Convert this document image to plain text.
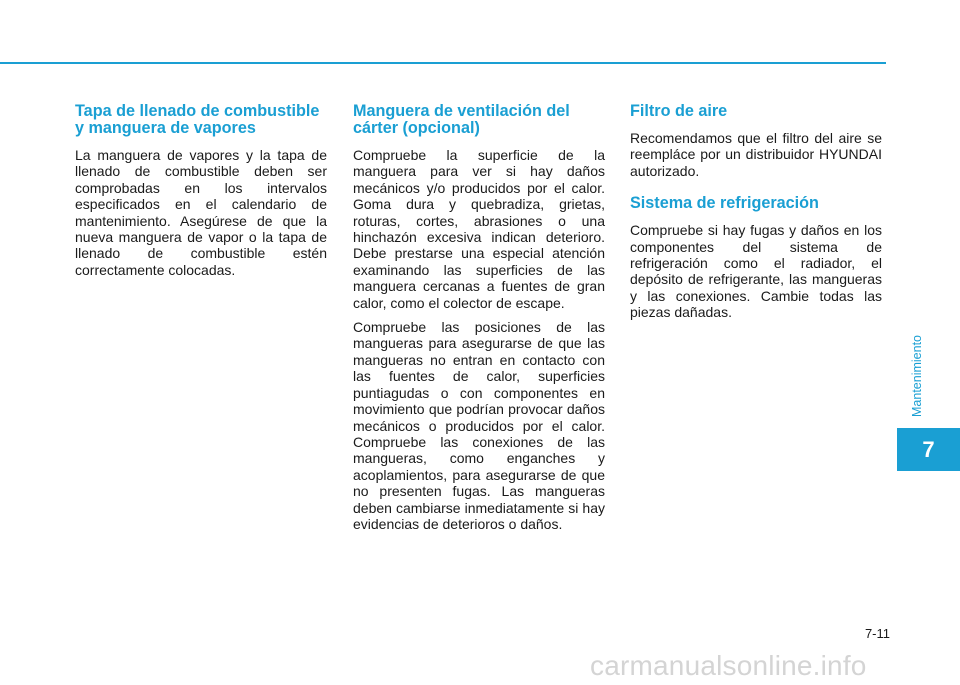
Tapa de llenado de combustible y manguera de vapores

La manguera de vapores y la tapa de llenado de combustible deben ser comprobadas en los intervalos especificados en el calendario de mantenimiento. Asegúrese de que la nueva manguera de vapor o la tapa de llenado de combustible estén correctamente colocadas.

Manguera de ventilación del cárter (opcional)

Compruebe la superficie de la manguera para ver si hay daños mecánicos y/o producidos por el calor. Goma dura y quebradiza, grietas, roturas, cortes, abrasiones o una hinchazón excesiva indican deterioro. Debe prestarse una especial atención examinando las superficies de las manguera cercanas a fuentes de gran calor, como el colector de escape.

Compruebe las posiciones de las mangueras para asegurarse de que las mangueras no entran en contacto con las fuentes de calor, superficies puntiagudas o con componentes en movimiento que podrían provocar daños mecánicos o producidos por el calor. Compruebe las conexiones de las mangueras, como enganches y acoplamientos, para asegurarse de que no presenten fugas. Las mangueras deben cambiarse inmediatamente si hay evidencias de deterioros o daños.

Filtro de aire

Recomendamos que el filtro del aire se reempláce por un distribuidor HYUNDAI autorizado.

Sistema de refrigeración

Compruebe si hay fugas y daños en los componentes del sistema de refrigeración como el radiador, el depósito de refrigerante, las mangueras y las conexiones. Cambie todas las piezas dañadas.

Mantenimiento
7
7-11
carmanualsonline.info
